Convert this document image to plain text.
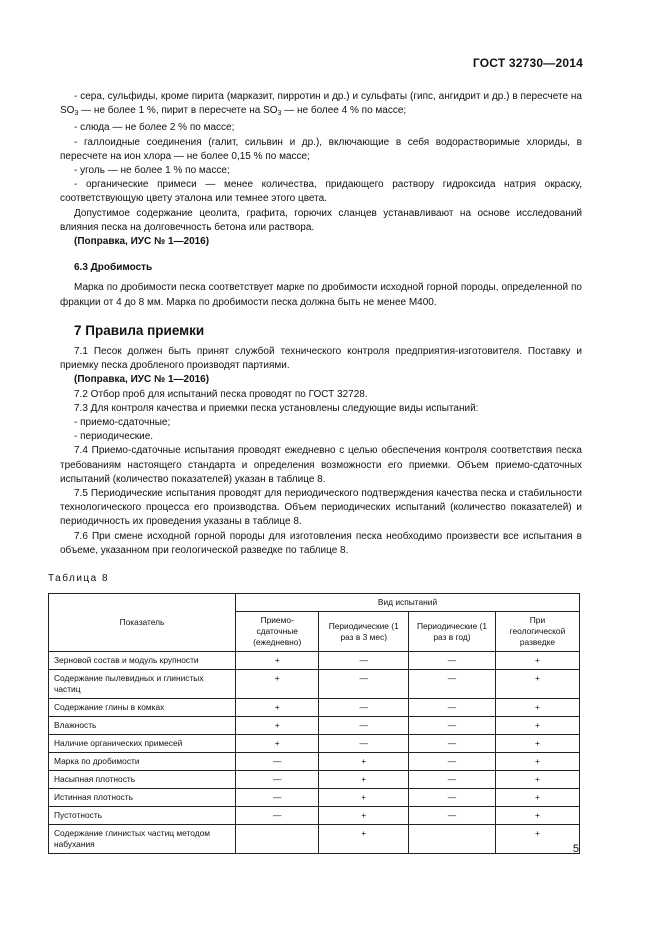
ГОСТ 32730—2014

- сера, сульфиды, кроме пирита (марказит, пирротин и др.) и сульфаты (гипс, ангидрит и др.) в пересчете на $SO_3$ — не более 1 %, пирит в пересчете на $SO_3$ — не более 4 % по массе;

- слюда — не более 2 % по массе;

- галлоидные соединения (галит, сильвин и др.), включающие в себя водорастворимые хлориды, в пересчете на ион хлора — не более 0,15 % по массе;

- уголь — не более 1 % по массе;

- органические примеси — менее количества, придающего раствору гидроксида натрия окраску, соответствующую цвету эталона или темнее этого цвета.

Допустимое содержание цеолита, графита, горючих сланцев устанавливают на основе исследований влияния песка на долговечность бетона или раствора.

(Поправка, ИУС № 1—2016)

6.3 Дробимость

Марка по дробимости песка соответствует марке по дробимости исходной горной породы, определенной по фракции от 4 до 8 мм. Марка по дробимости песка должна быть не менее М400.

7 Правила приемки

7.1 Песок должен быть принят службой технического контроля предприятия-изготовителя. Поставку и приемку песка дробленого производят партиями.

(Поправка, ИУС № 1—2016)

7.2 Отбор проб для испытаний песка проводят по ГОСТ 32728.

7.3 Для контроля качества и приемки песка установлены следующие виды испытаний:

- приемо-сдаточные;

- периодические.

7.4 Приемо-сдаточные испытания проводят ежедневно с целью обеспечения контроля соответствия песка требованиям настоящего стандарта и определения возможности его приемки. Объем приемо-сдаточных испытаний (количество показателей) указан в таблице 8.

7.5 Периодические испытания проводят для периодического подтверждения качества песка и стабильности технологического процесса его производства. Объем периодических испытаний (количество показателей) и периодичность их проведения указаны в таблице 8.

7.6 При смене исходной горной породы для изготовления песка необходимо произвести все испытания в объеме, указанном при геологической разведке по таблице 8.

Таблица 8
Показатель	Вид испытаний			
	Приемо-сдаточные (ежедневно)	Периодические (1 раз в 3 мес)	Периодические (1 раз в год)	При геологической разведке
Зерновой состав и модуль крупности	+	—	—	+
Содержание пылевидных и глинистых частиц	+	—	—	+
Содержание глины в комках	+	—	—	+
Влажность	+	—	—	+
Наличие органических примесей	+	—	—	+
Марка по дробимости	—	+	—	+
Насыпная плотность	—	+	—	+
Истинная плотность	—	+	—	+
Пустотность	—	+	—	+
Содержание глинистых частиц методом набухания		+		+
5
